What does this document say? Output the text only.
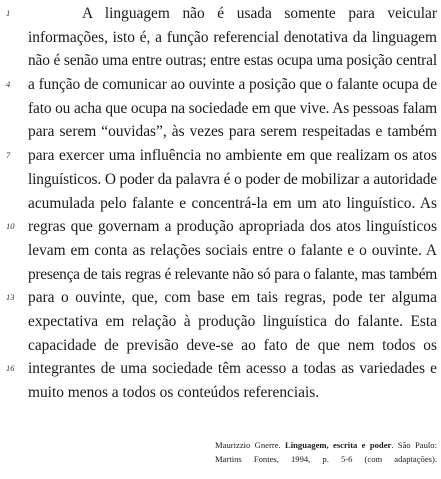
1	A linguagem não é usada somente para veicular
informações, isto é, a função referencial denotativa da linguagem
não é senão uma entre outras; entre estas ocupa uma posição central
4	a função de comunicar ao ouvinte a posição que o falante ocupa de
fato ou acha que ocupa na sociedade em que vive. As pessoas falam
para serem “ouvidas”, às vezes para serem respeitadas e também
7	para exercer uma influência no ambiente em que realizam os atos
linguísticos. O poder da palavra é o poder de mobilizar a autoridade
acumulada pelo falante e concentrá-la em um ato linguístico. As
10 regras que governam a produção apropriada dos atos linguísticos
levam em conta as relações sociais entre o falante e o ouvinte. A
presença de tais regras é relevante não só para o falante, mas também
13 para o ouvinte, que, com base em tais regras, pode ter alguma
expectativa em relação à produção linguística do falante. Esta
capacidade de previsão deve-se ao fato de que nem todos os
16 integrantes de uma sociedade têm acesso a todas as variedades e
muito menos a todos os conteúdos referenciais.
Maurizzio Gnerre. Linguagem, escrita e poder. São Paulo:
Martins Fontes, 1994, p. 5-6 (com adaptações).
